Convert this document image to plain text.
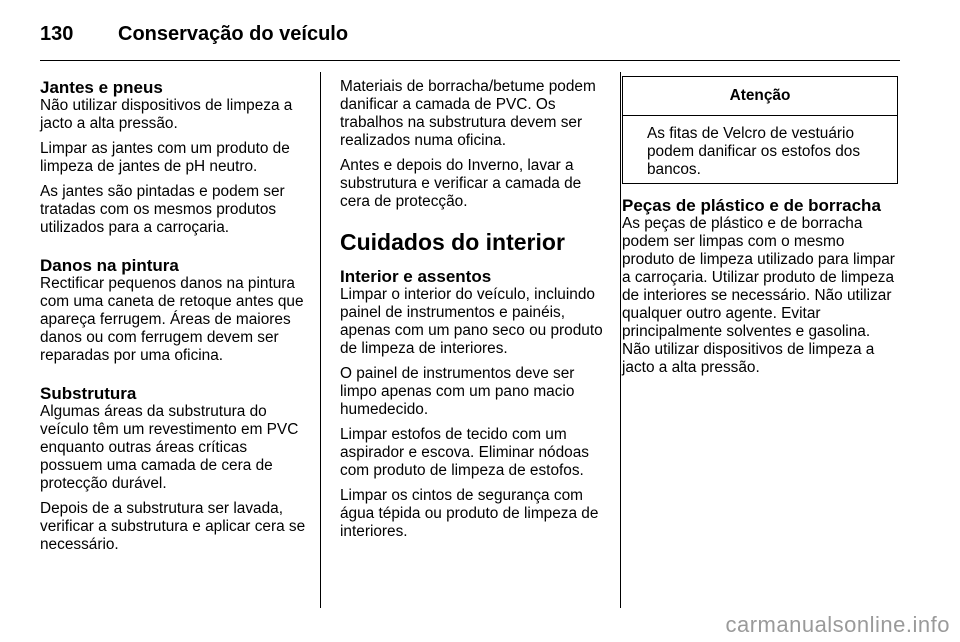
130	Conservação do veículo
Jantes e pneus

Não utilizar dispositivos de limpeza a jacto a alta pressão.

Limpar as jantes com um produto de limpeza de jantes de pH neutro.

As jantes são pintadas e podem ser tratadas com os mesmos produtos utilizados para a carroçaria.

Danos na pintura

Rectificar pequenos danos na pintura com uma caneta de retoque antes que apareça ferrugem. Áreas de maiores danos ou com ferrugem devem ser reparadas por uma oficina.

Substrutura

Algumas áreas da substrutura do veículo têm um revestimento em PVC enquanto outras áreas críticas possuem uma camada de cera de protecção durável.

Depois de a substrutura ser lavada, verificar a substrutura e aplicar cera se necessário.

Materiais de borracha/betume podem danificar a camada de PVC. Os trabalhos na substrutura devem ser realizados numa oficina.

Antes e depois do Inverno, lavar a substrutura e verificar a camada de cera de protecção.

Cuidados do interior
Interior e assentos

Limpar o interior do veículo, incluindo painel de instrumentos e painéis, apenas com um pano seco ou produto de limpeza de interiores.

O painel de instrumentos deve ser limpo apenas com um pano macio humedecido.

Limpar estofos de tecido com um aspirador e escova. Eliminar nódoas com produto de limpeza de estofos.

Limpar os cintos de segurança com água tépida ou produto de limpeza de interiores.

Atenção
As fitas de Velcro de vestuário podem danificar os estofos dos bancos.
Peças de plástico e de borracha

As peças de plástico e de borracha podem ser limpas com o mesmo produto de limpeza utilizado para limpar a carroçaria. Utilizar produto de limpeza de interiores se necessário. Não utilizar qualquer outro agente. Evitar principalmente solventes e gasolina. Não utilizar dispositivos de limpeza a jacto a alta pressão.

carmanualsonline.info
